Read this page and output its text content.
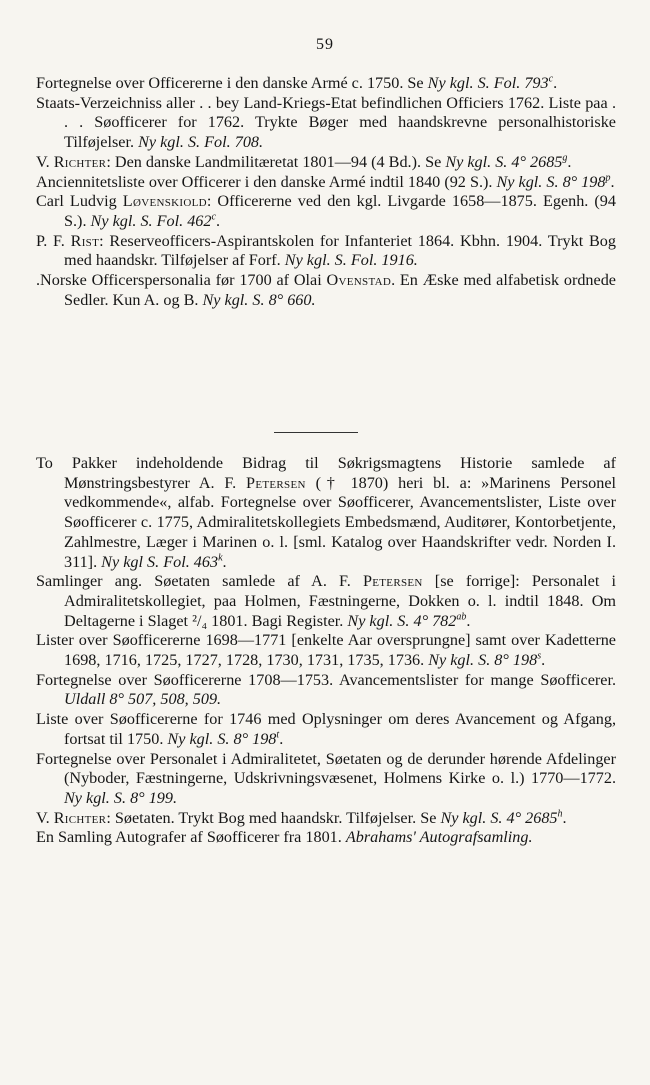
59

Fortegnelse over Officererne i den danske Armé c. 1750. Se Ny kgl. S. Fol. 793$^c$.

Staats-Verzeichniss aller . . bey Land-Kriegs-Etat befindlichen Officiers 1762. Liste paa . . . Søofficerer for 1762. Trykte Bøger med haandskrevne personalhistoriske Tilføjelser. Ny kgl. S. Fol. 708.

V. Richter: Den danske Landmilitæretat 1801—94 (4 Bd.). Se Ny kgl. S. 4° 2685$^g$.

Anciennitetsliste over Officerer i den danske Armé indtil 1840 (92 S.). Ny kgl. S. 8° 198$^p$.

Carl Ludvig Løvenskiold: Officererne ved den kgl. Livgarde 1658—1875. Egenh. (94 S.). Ny kgl. S. Fol. 462$^c$.

P. F. Rist: Reserveofficers-Aspirantskolen for Infanteriet 1864. Kbhn. 1904. Trykt Bog med haandskr. Tilføjelser af Forf. Ny kgl. S. Fol. 1916.

.Norske Officerspersonalia før 1700 af Olai Ovenstad. En Æske med alfabetisk ordnede Sedler. Kun A. og B. Ny kgl. S. 8° 660.

To Pakker indeholdende Bidrag til Søkrigsmagtens Historie samlede af Mønstringsbestyrer A. F. Petersen († 1870) heri bl. a: »Marinens Personel vedkommende«, alfab. Fortegnelse over Søofficerer, Avancementslister, Liste over Søofficerer c. 1775, Admiralitetskollegiets Embedsmænd, Auditører, Kontorbetjente, Zahlmestre, Læger i Marinen o. l. [sml. Katalog over Haandskrifter vedr. Norden I. 311]. Ny kgl S. Fol. 463$^k$.

Samlinger ang. Søetaten samlede af A. F. Petersen [se forrige]: Personalet i Admiralitetskollegiet, paa Holmen, Fæstningerne, Dokken o. l. indtil 1848. Om Deltagerne i Slaget ²/₄ 1801. Bagi Register. Ny kgl. S. 4° $782^{ab}$.

Lister over Søofficererne 1698—1771 [enkelte Aar oversprungne] samt over Kadetterne 1698, 1716, 1725, 1727, 1728, 1730, 1731, 1735, 1736. Ny kgl. S. 8° 198$^s$.

Fortegnelse over Søofficererne 1708—1753. Avancementslister for mange Søofficerer. Uldall 8° 507, 508, 509.

Liste over Søofficererne for 1746 med Oplysninger om deres Avancement og Afgang, fortsat til 1750. Ny kgl. S. 8° 198$^t$.

Fortegnelse over Personalet i Admiralitetet, Søetaten og de derunder hørende Afdelinger (Nyboder, Fæstningerne, Udskrivningsvæsenet, Holmens Kirke o. l.) 1770—1772. Ny kgl. S. 8° 199.

V. Richter: Søetaten. Trykt Bog med haandskr. Tilføjelser. Se Ny kgl. S. 4° 2685$^h$.

En Samling Autografer af Søofficerer fra 1801. Abrahams' Autografsamling.
